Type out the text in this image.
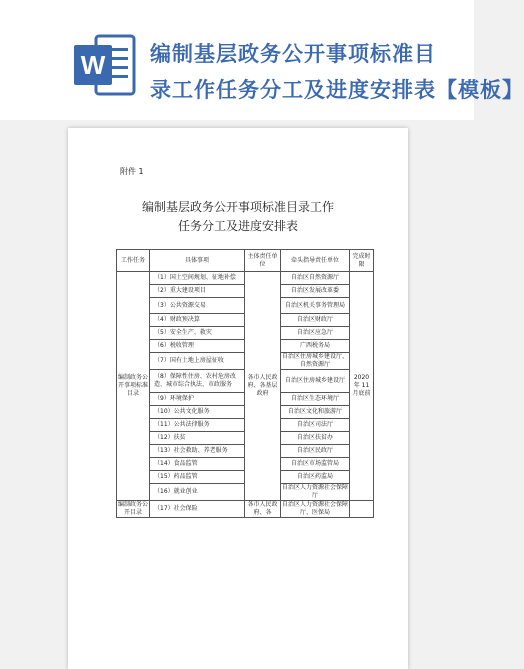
W 编制基层政务公开事项标准目
录工作任务分工及进度安排表【模板】
附件 1
编制基层政务公开事项标准目录工作
任务分工及进度安排表
工作任务	具体事项	主体责任单位	牵头指导责任单位	完成时限
编制政务公开事项标准目录	（1）国土空间规划、征地补偿	各市人民政府、各基层政府	自治区自然资源厅	2020 年 11 月底前
	（2）重大建设项目		自治区发展改革委	
	（3）公共资源交易		自治区机关事务管理局	
	（4）财政预决算		自治区财政厅	
	（5）安全生产、救灾		自治区应急厅	
	（6）税收管理		广西税务局	
	（7）国有土地上房屋征收		自治区住房城乡建设厅、自然资源厅	
	（8）保障性住房、农村危房改造、城市综合执法、市政服务		自治区住房城乡建设厅	
	（9）环境保护		自治区生态环境厅	
	（10）公共文化服务		自治区文化和旅游厅	
	（11）公共法律服务		自治区司法厅	
	（12）扶贫		自治区扶贫办	
	（13）社会救助、养老服务		自治区民政厅	
	（14）食品监管		自治区市场监管局	
	（15）药品监管		自治区药监局	
	（16）就业创业		自治区人力资源社会保障厅	
编制政务公开目录	（17）社会保险	各市人民政府、各	自治区人力资源社会保障厅、医保局	
